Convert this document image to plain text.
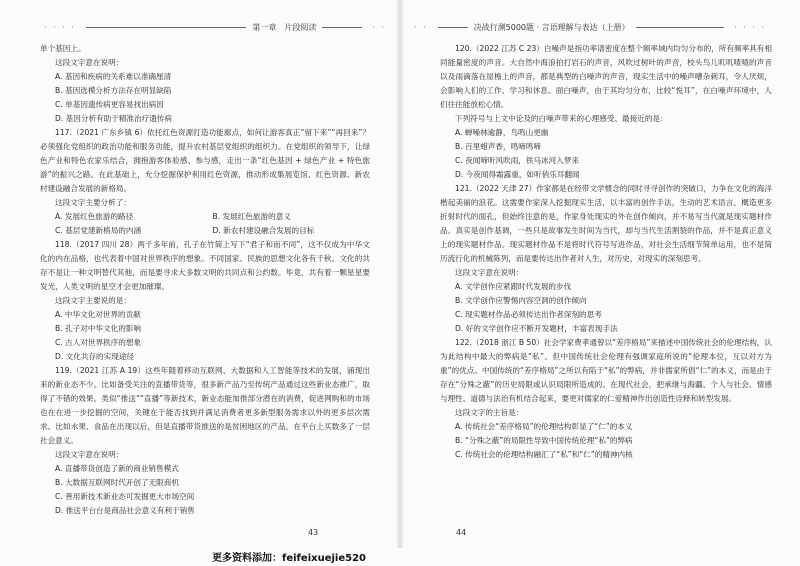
· · · ·	第一章 片段阅读	· ·

单个基因上。

这段文字意在说明：

A. 基因和疾病的关系难以准确厘清

B. 基因选模分析方法存在明显缺陷

C. 单基因遗传病更容易找出病因

D. 基因分析有助于精准治疗遗传病

117.（2021 广东乡镇 6）依托红色资源打造功能廊点，如何让游客真正“留下来”“再回来”？必须强化党组织的政治功能和服务功能，提升农村基层党组织的组织力。在党组织的领导下，让绿色产业和特色农家乐结合，拥抱游客体验感、参与感，走出一条“红色基因 + 绿色产业 + 特色旅游”的振兴之路。在此基础上，允分挖掘保护利用红色资源，推动形成集展览馆、红色资源、新农村建设融合发展的新格局。

这段文字主要分析了：

A. 发展红色旅游的路径	B. 发展红色旅游的意义
C. 基层党建新格局的内涵	D. 新农村建设融合发展的目标

118.（2017 四川 28）两千多年前，孔子在竹简上写下“君子和而不同”，这不仅成为中华文化的内在品格，也代表着中国对世界秩序的想象。不同国家、民族的思想文化各有千秋。文化的共存不是让一种文明替代其他，而是要寻求大多数文明的共同点和公约数。毕竟，共有着一颗星星要发光，人类文明的星空才会更加璀璨。

这段文字主要说的是：

A. 中华文化对世界的贡献

B. 孔子对中华文化的影响

C. 古人对世界秩序的想象

D. 文化共存的实现途径

119.（2021 江苏 A 19）这些年随着移动互联网、大数据和人工智能等技术的发展，涌现出来的新业态不少。比如备受关注的直播带货等，很多新产品乃至传统产品通过这些新业态推广，取得了不错的效果。类似“推送”“直播”等新技术，新业态能加推部分潜在的消费，促进网购和的市场也在在进一步挖掘的空间，关键在于能否找到并满足消费者更多新型服务需求以外的更多层次需求。比如水果、食品在出现以后，但是直播带货推送的是贫困地区的产品，在平台上买数多了一层社会意义。

这段文字意在说明：

A. 直播带货创造了新的商业销售模式

B. 大数据互联网时代开创了无限商机

C. 善用新技术新业态可发掘更大市场空间

D. 推送平台台是商品社会意义有利于销售

43
· ·	决战行测5000题 · 言语理解与表达（上册）	· · · ·

120.（2022 江苏 C 23）白噪声是指功率谱密度在整个频率域内均匀分布的，所有频率具有相同能量密度的声音。大自然中海浪拍打岩石的声音，风吹过树叶的声音，校头鸟儿叽叽喳喳的声音以及雨滴落在屋檐上的声音，都是典型的白噪声的声音，现实生活中的噪声嘈杂刺耳，令人厌烦，会影响人们的工作、学习和休息。面白噪声，由于其均匀分布，比较“悦耳”，在白噪声环境中，人们往往能放松心情。

下列符号与上文中论及的白噪声带来的心理感受、最接近的是：

A. 蝉噪林逾静，鸟鸣山更幽

B. 百里蜡声香，鸣啼鸣啼

C. 夜闻啼听风吹雨，铁马冰河入梦来

D. 今夜闻得霜露重，如听俏乐耳翻闻

121.（2022 天津 27）作家都是在经带文学惯念的同时寻寻创作的突破口，力争在文化的海洋楷起美丽的浪花。这需要作家深入挖掘现实生活，以丰富的创作手法，生动的艺术语言，概造更多折射时代的面孔，但始终注意的是，作家身处现实的外在创作倾向，并不易写当代就是现实题材作品。真实是创作基调，一些只是故事发生时间为当代，却与当代生活割裂的作品，并不是真正意义上的现实题材作品。现实题材作品不是将时代符号写进作品，对社会生活细节简单运用，也不是简历流行化的机械陈列，而是要传达出作者对人生，对历史，对现实的深刻思考。

这段文字意在说明：

A. 文学创作应紧跟时代发展的步伐

B. 文学创作应警惕内容空洞的创作倾向

C. 现实题材作品必须传达出作者深刻的思考

D. 好的文学创作应不断开发题材，丰富表现手法

122.（2018 浙江 B 50）社会学家费孝通曾以“差序格局”来描述中国传统社会的伦理结构，认为此结构中最大的弊病是“私”。但中国传统社会伦理有强调家庭所说的“伦理本位，互以对方为重”的优点。中国传统的“差序格局”之所以有陷于“私”的弊病，并非儒家所倡“仁”的本义，而是由于存在“分殊之蔽”的历史局限或认识局限所造成的。在现代社会，把承继与海疆、个人与社会、情感与理性、道德与法治有机结合起来，要更对儒家的仁爱精神作出创造性诠释和转型发展。

这段文字的主旨是：

A. 传统社会“差序格局”的伦理结构彰显了“仁”的本义

B. “分殊之蔽”的局限性导致中国传统伦理“私”的弊病

C. 传统社会的伦理结构融汇了“私”和“仁”的精神内核

44
更多资料添加：feifeixuejie520
